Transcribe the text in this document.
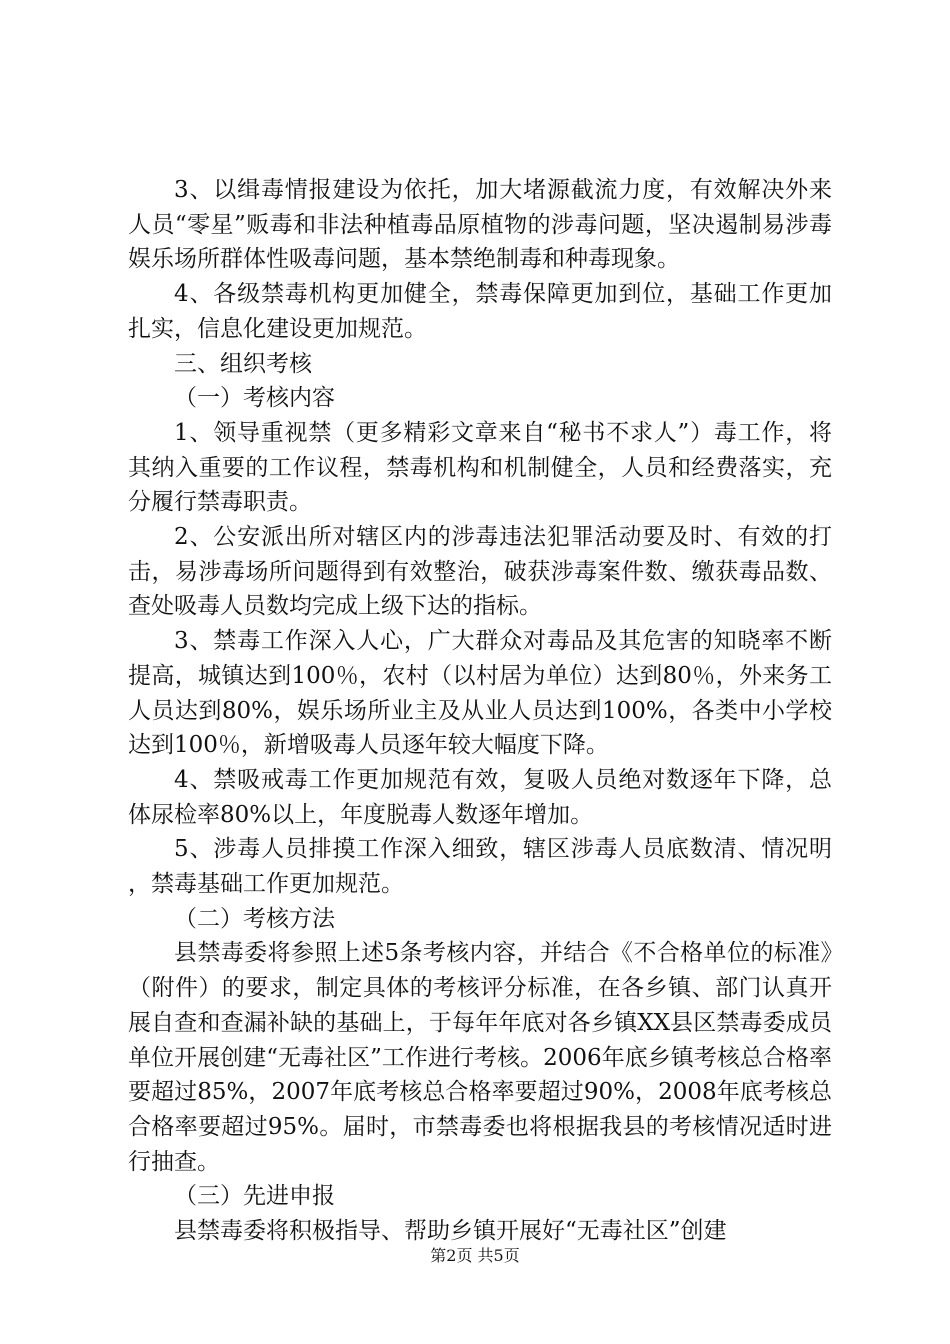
3、以缉毒情报建设为依托，加大堵源截流力度，有效解决外来人员“零星”贩毒和非法种植毒品原植物的涉毒问题，坚决遏制易涉毒娱乐场所群体性吸毒问题，基本禁绝制毒和种毒现象。

4、各级禁毒机构更加健全，禁毒保障更加到位，基础工作更加扎实，信息化建设更加规范。

三、组织考核

（一）考核内容

1、领导重视禁（更多精彩文章来自“秘书不求人”）毒工作，将其纳入重要的工作议程，禁毒机构和机制健全，人员和经费落实，充分履行禁毒职责。

2、公安派出所对辖区内的涉毒违法犯罪活动要及时、有效的打击，易涉毒场所问题得到有效整治，破获涉毒案件数、缴获毒品数、查处吸毒人员数均完成上级下达的指标。

3、禁毒工作深入人心，广大群众对毒品及其危害的知晓率不断提高，城镇达到100％，农村（以村居为单位）达到80％，外来务工人员达到80%，娱乐场所业主及从业人员达到100%，各类中小学校达到100％，新增吸毒人员逐年较大幅度下降。

4、禁吸戒毒工作更加规范有效，复吸人员绝对数逐年下降，总体尿检率80%以上，年度脱毒人数逐年增加。

5、涉毒人员排摸工作深入细致，辖区涉毒人员底数清、情况明，禁毒基础工作更加规范。

（二）考核方法

县禁毒委将参照上述5条考核内容，并结合《不合格单位的标准》（附件）的要求，制定具体的考核评分标准，在各乡镇、部门认真开展自查和查漏补缺的基础上，于每年年底对各乡镇XX县区禁毒委成员单位开展创建“无毒社区”工作进行考核。2006年底乡镇考核总合格率要超过85%，2007年底考核总合格率要超过90%，2008年底考核总合格率要超过95%。届时，市禁毒委也将根据我县的考核情况适时进行抽查。

（三）先进申报

县禁毒委将积极指导、帮助乡镇开展好“无毒社区”创建

第2页 共5页
